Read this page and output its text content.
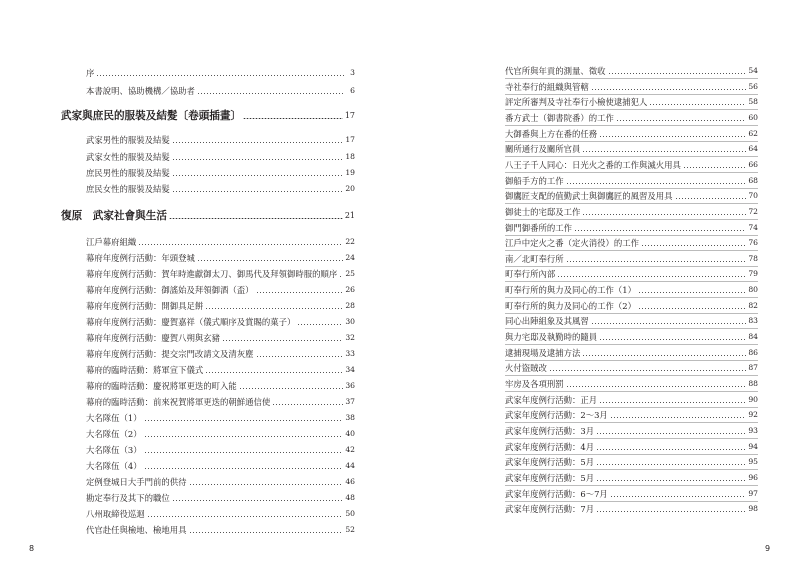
序	3
本書說明、協助機構／協助者	6
武家與庶民的服裝及結髮〔卷頭插畫〕	17
武家男性的服裝及結髮	17
武家女性的服裝及結髮	18
庶民男性的服裝及結髮	19
庶民女性的服裝及結髮	20
復原　武家社會與生活	21
江戶幕府組織	22
幕府年度例行活動：年頭登城	24
幕府年度例行活動：賀年時進獻御太刀、御馬代及拜領御時服的順序 25
幕府年度例行活動：御謠始及拜領御酒（盃）	26
幕府年度例行活動：開御具足餅	28
幕府年度例行活動：慶賀嘉祥（儀式順序及賞賜的菓子）	30
幕府年度例行活動：慶賀八朔與玄豬	32
幕府年度例行活動：提交宗門改請文及清灰塵	33
幕府的臨時活動：將軍宣下儀式	34
幕府的臨時活動：慶祝將軍更迭的町入能	36
幕府的臨時活動：前來祝賀將軍更迭的朝鮮通信使	37
大名隊伍（1）	38
大名隊伍（2）	40
大名隊伍（3）	42
大名隊伍（4）	44
定例登城日大手門前的供待	46
勘定奉行及其下的職位	48
八州取締役巡迴	50
代官赴任與檢地、檢地用具	52
代官所與年貢的測量、徵收	54
寺社奉行的組織與管轄	56
評定所審判及寺社奉行小檢使逮捕犯人	58
番方武士（御書院番）的工作	60
大御番與上方在番的任務	62
關所通行及關所官員	64
八王子千人同心：日光火之番的工作與滅火用具	66
御船手方的工作	68
御鷹匠支配的值勤武士與御鷹匠的風習及用具	70
御徒士的宅邸及工作	72
御門御番所的工作	74
江戶中定火之番（定火消役）的工作	76
南／北町奉行所	78
町奉行所內部	79
町奉行所的與力及同心的工作（1）	80
町奉行所的與力及同心的工作（2）	82
同心出陣組象及其風習	83
與力宅邸及執勤時的隨員	84
逮捕現場及逮捕方法	86
火付盜賊改	87
牢房及各項刑罰	88
武家年度例行活動：正月	90
武家年度例行活動：2～3月	92
武家年度例行活動：3月	93
武家年度例行活動：4月	94
武家年度例行活動：5月	95
武家年度例行活動：5月	96
武家年度例行活動：6～7月	97
武家年度例行活動：7月	98
8	9
